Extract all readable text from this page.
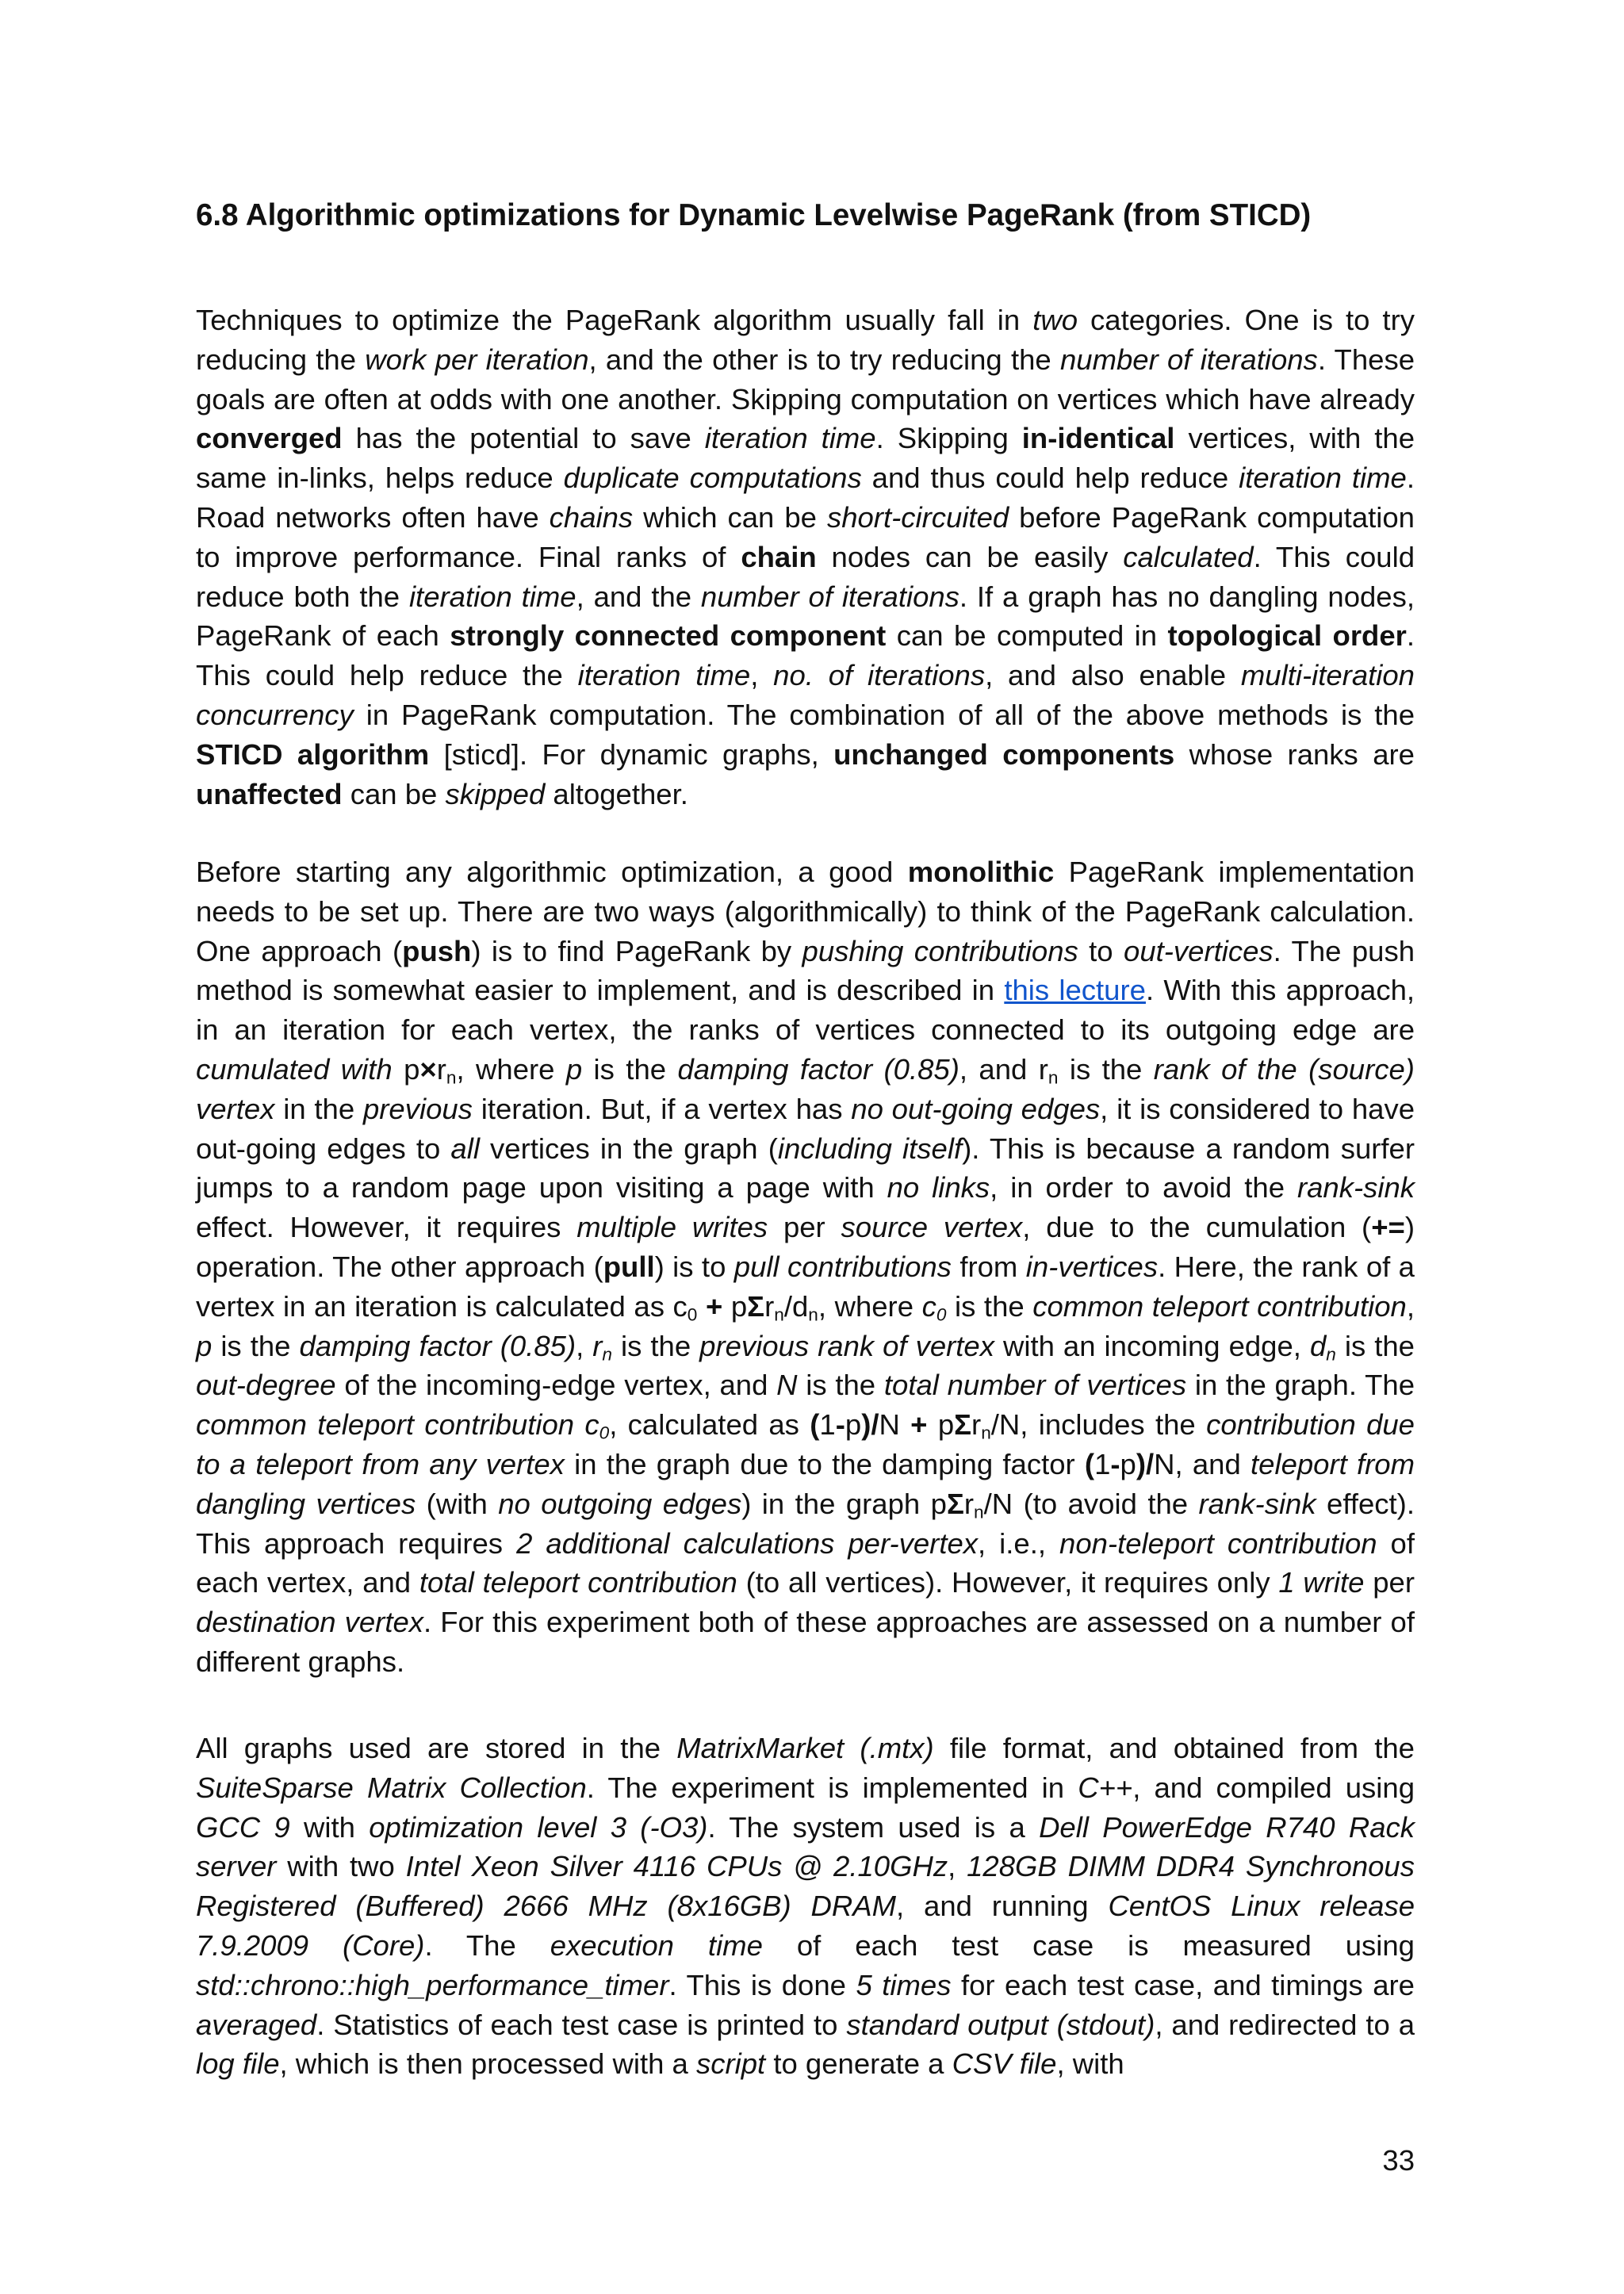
6.8 Algorithmic optimizations for Dynamic Levelwise PageRank (from STICD)

Techniques to optimize the PageRank algorithm usually fall in two categories. One is to try reducing the work per iteration, and the other is to try reducing the number of iterations. These goals are often at odds with one another. Skipping computation on vertices which have already converged has the potential to save iteration time. Skipping in-identical vertices, with the same in-links, helps reduce duplicate computations and thus could help reduce iteration time. Road networks often have chains which can be short-circuited before PageRank computation to improve performance. Final ranks of chain nodes can be easily calculated. This could reduce both the iteration time, and the number of iterations. If a graph has no dangling nodes, PageRank of each strongly connected component can be computed in topological order. This could help reduce the iteration time, no. of iterations, and also enable multi-iteration concurrency in PageRank computation. The combination of all of the above methods is the STICD algorithm [sticd]. For dynamic graphs, unchanged components whose ranks are unaffected can be skipped altogether.

Before starting any algorithmic optimization, a good monolithic PageRank implementation needs to be set up. There are two ways (algorithmically) to think of the PageRank calculation. One approach (push) is to find PageRank by pushing contributions to out-vertices. The push method is somewhat easier to implement, and is described in this lecture. With this approach, in an iteration for each vertex, the ranks of vertices connected to its outgoing edge are cumulated with $p\times r_n$, where p is the damping factor (0.85), and $r_n$ is the rank of the (source) vertex in the previous iteration. But, if a vertex has no out-going edges, it is considered to have out-going edges to all vertices in the graph (including itself). This is because a random surfer jumps to a random page upon visiting a page with no links, in order to avoid the rank-sink effect. However, it requires multiple writes per source vertex, due to the cumulation (+=) operation. The other approach (pull) is to pull contributions from in-vertices. Here, the rank of a vertex in an iteration is calculated as $c_0 + p\Sigma r_n/d_n$, where $c_0$ is the common teleport contribution, p is the damping factor (0.85), $r_n$ is the previous rank of vertex with an incoming edge, $d_n$ is the out-degree of the incoming-edge vertex, and N is the total number of vertices in the graph. The common teleport contribution $c_0$, calculated as (1-p)/N + pΣr$_n$/N, includes the contribution due to a teleport from any vertex in the graph due to the damping factor (1-p)/N, and teleport from dangling vertices (with no outgoing edges) in the graph pΣr$_n$/N (to avoid the rank-sink effect). This approach requires 2 additional calculations per-vertex, i.e., non-teleport contribution of each vertex, and total teleport contribution (to all vertices). However, it requires only 1 write per destination vertex. For this experiment both of these approaches are assessed on a number of different graphs.

All graphs used are stored in the MatrixMarket (.mtx) file format, and obtained from the SuiteSparse Matrix Collection. The experiment is implemented in C++, and compiled using GCC 9 with optimization level 3 (-O3). The system used is a Dell PowerEdge R740 Rack server with two Intel Xeon Silver 4116 CPUs @ 2.10GHz, 128GB DIMM DDR4 Synchronous Registered (Buffered) 2666 MHz (8x16GB) DRAM, and running CentOS Linux release 7.9.2009 (Core). The execution time of each test case is measured using std::chrono::high_performance_timer. This is done 5 times for each test case, and timings are averaged. Statistics of each test case is printed to standard output (stdout), and redirected to a log file, which is then processed with a script to generate a CSV file, with

33
